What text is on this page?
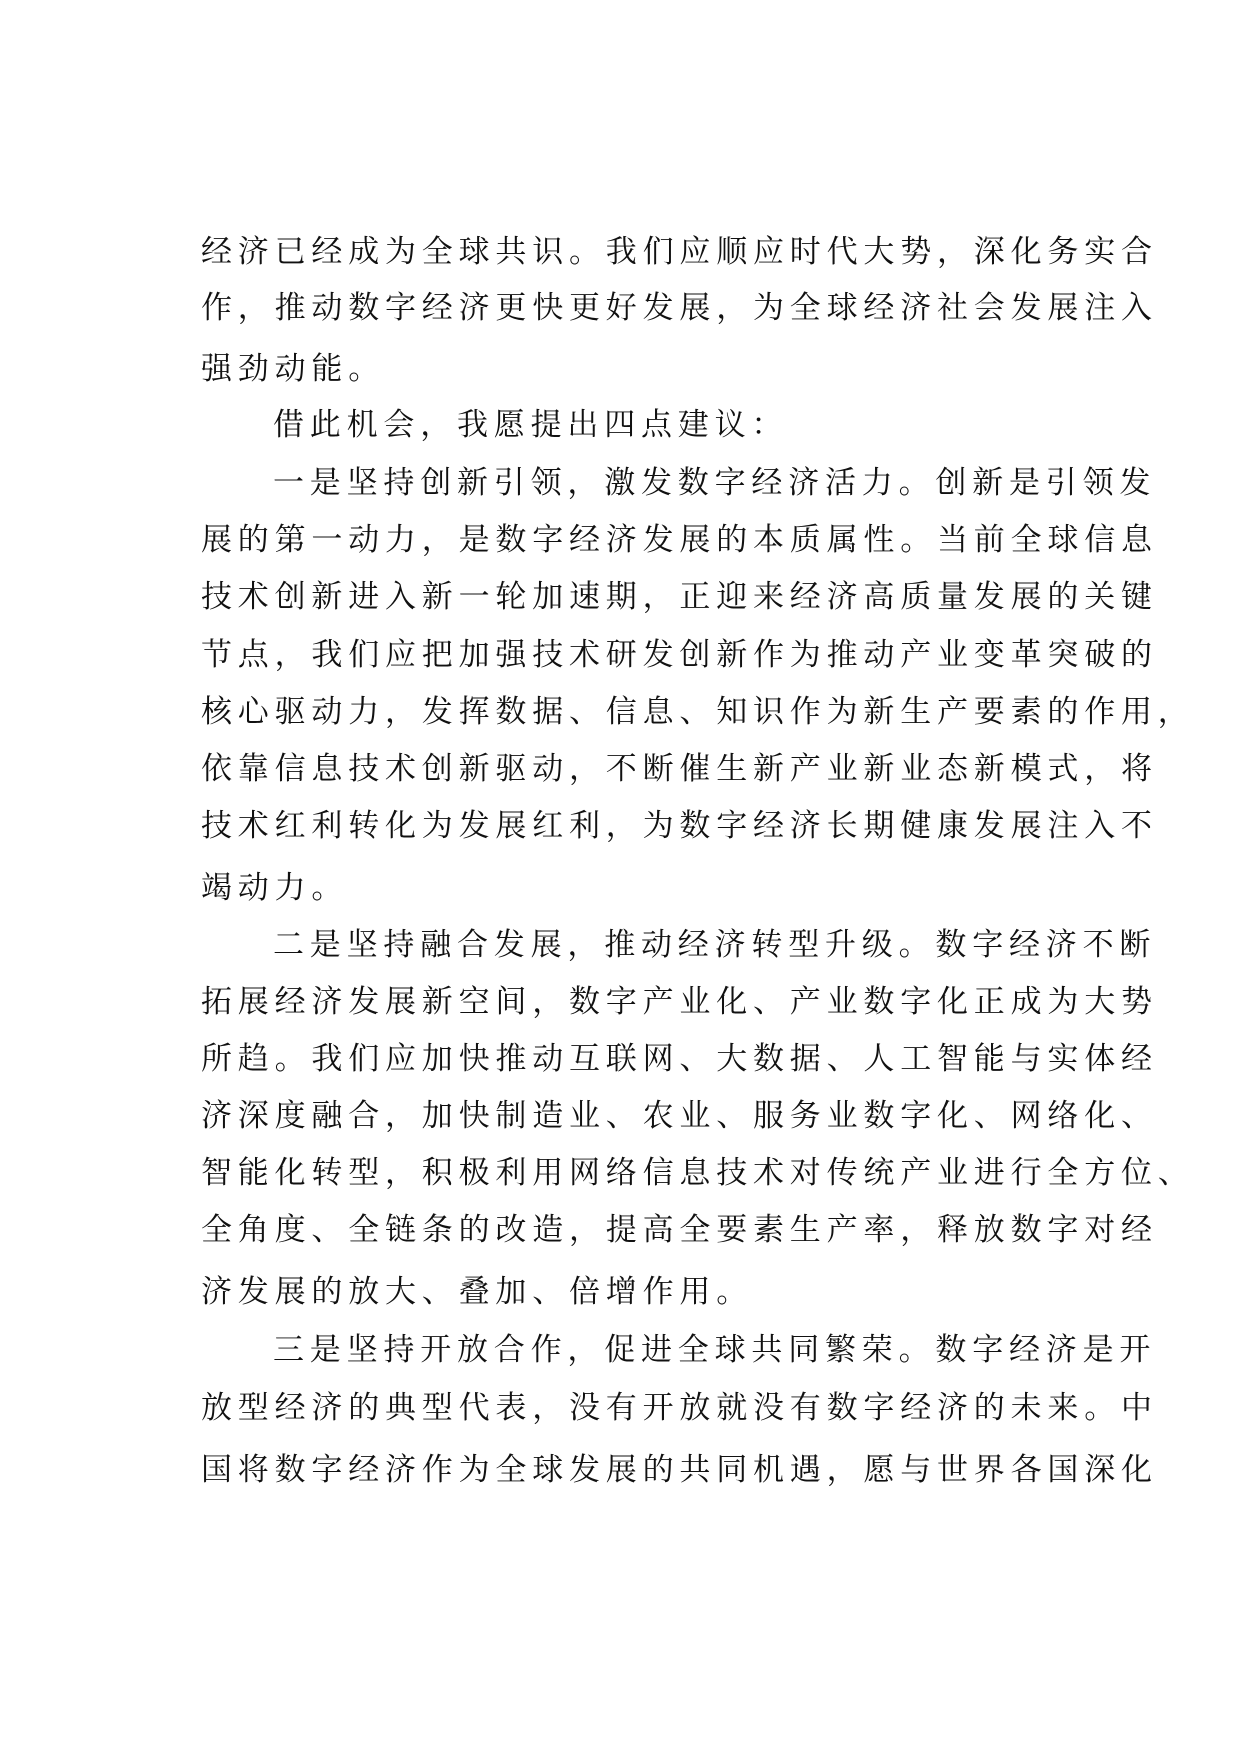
经济已经成为全球共识。我们应顺应时代大势，深化务实合
作，推动数字经济更快更好发展，为全球经济社会发展注入
强劲动能。
借此机会，我愿提出四点建议：
一是坚持创新引领，激发数字经济活力。创新是引领发
展的第一动力，是数字经济发展的本质属性。当前全球信息
技术创新进入新一轮加速期，正迎来经济高质量发展的关键
节点，我们应把加强技术研发创新作为推动产业变革突破的
核心驱动力，发挥数据、信息、知识作为新生产要素的作用，
依靠信息技术创新驱动，不断催生新产业新业态新模式，将
技术红利转化为发展红利，为数字经济长期健康发展注入不
竭动力。
二是坚持融合发展，推动经济转型升级。数字经济不断
拓展经济发展新空间，数字产业化、产业数字化正成为大势
所趋。我们应加快推动互联网、大数据、人工智能与实体经
济深度融合，加快制造业、农业、服务业数字化、网络化、
智能化转型，积极利用网络信息技术对传统产业进行全方位、
全角度、全链条的改造，提高全要素生产率，释放数字对经
济发展的放大、叠加、倍增作用。
三是坚持开放合作，促进全球共同繁荣。数字经济是开
放型经济的典型代表，没有开放就没有数字经济的未来。中
国将数字经济作为全球发展的共同机遇，愿与世界各国深化
